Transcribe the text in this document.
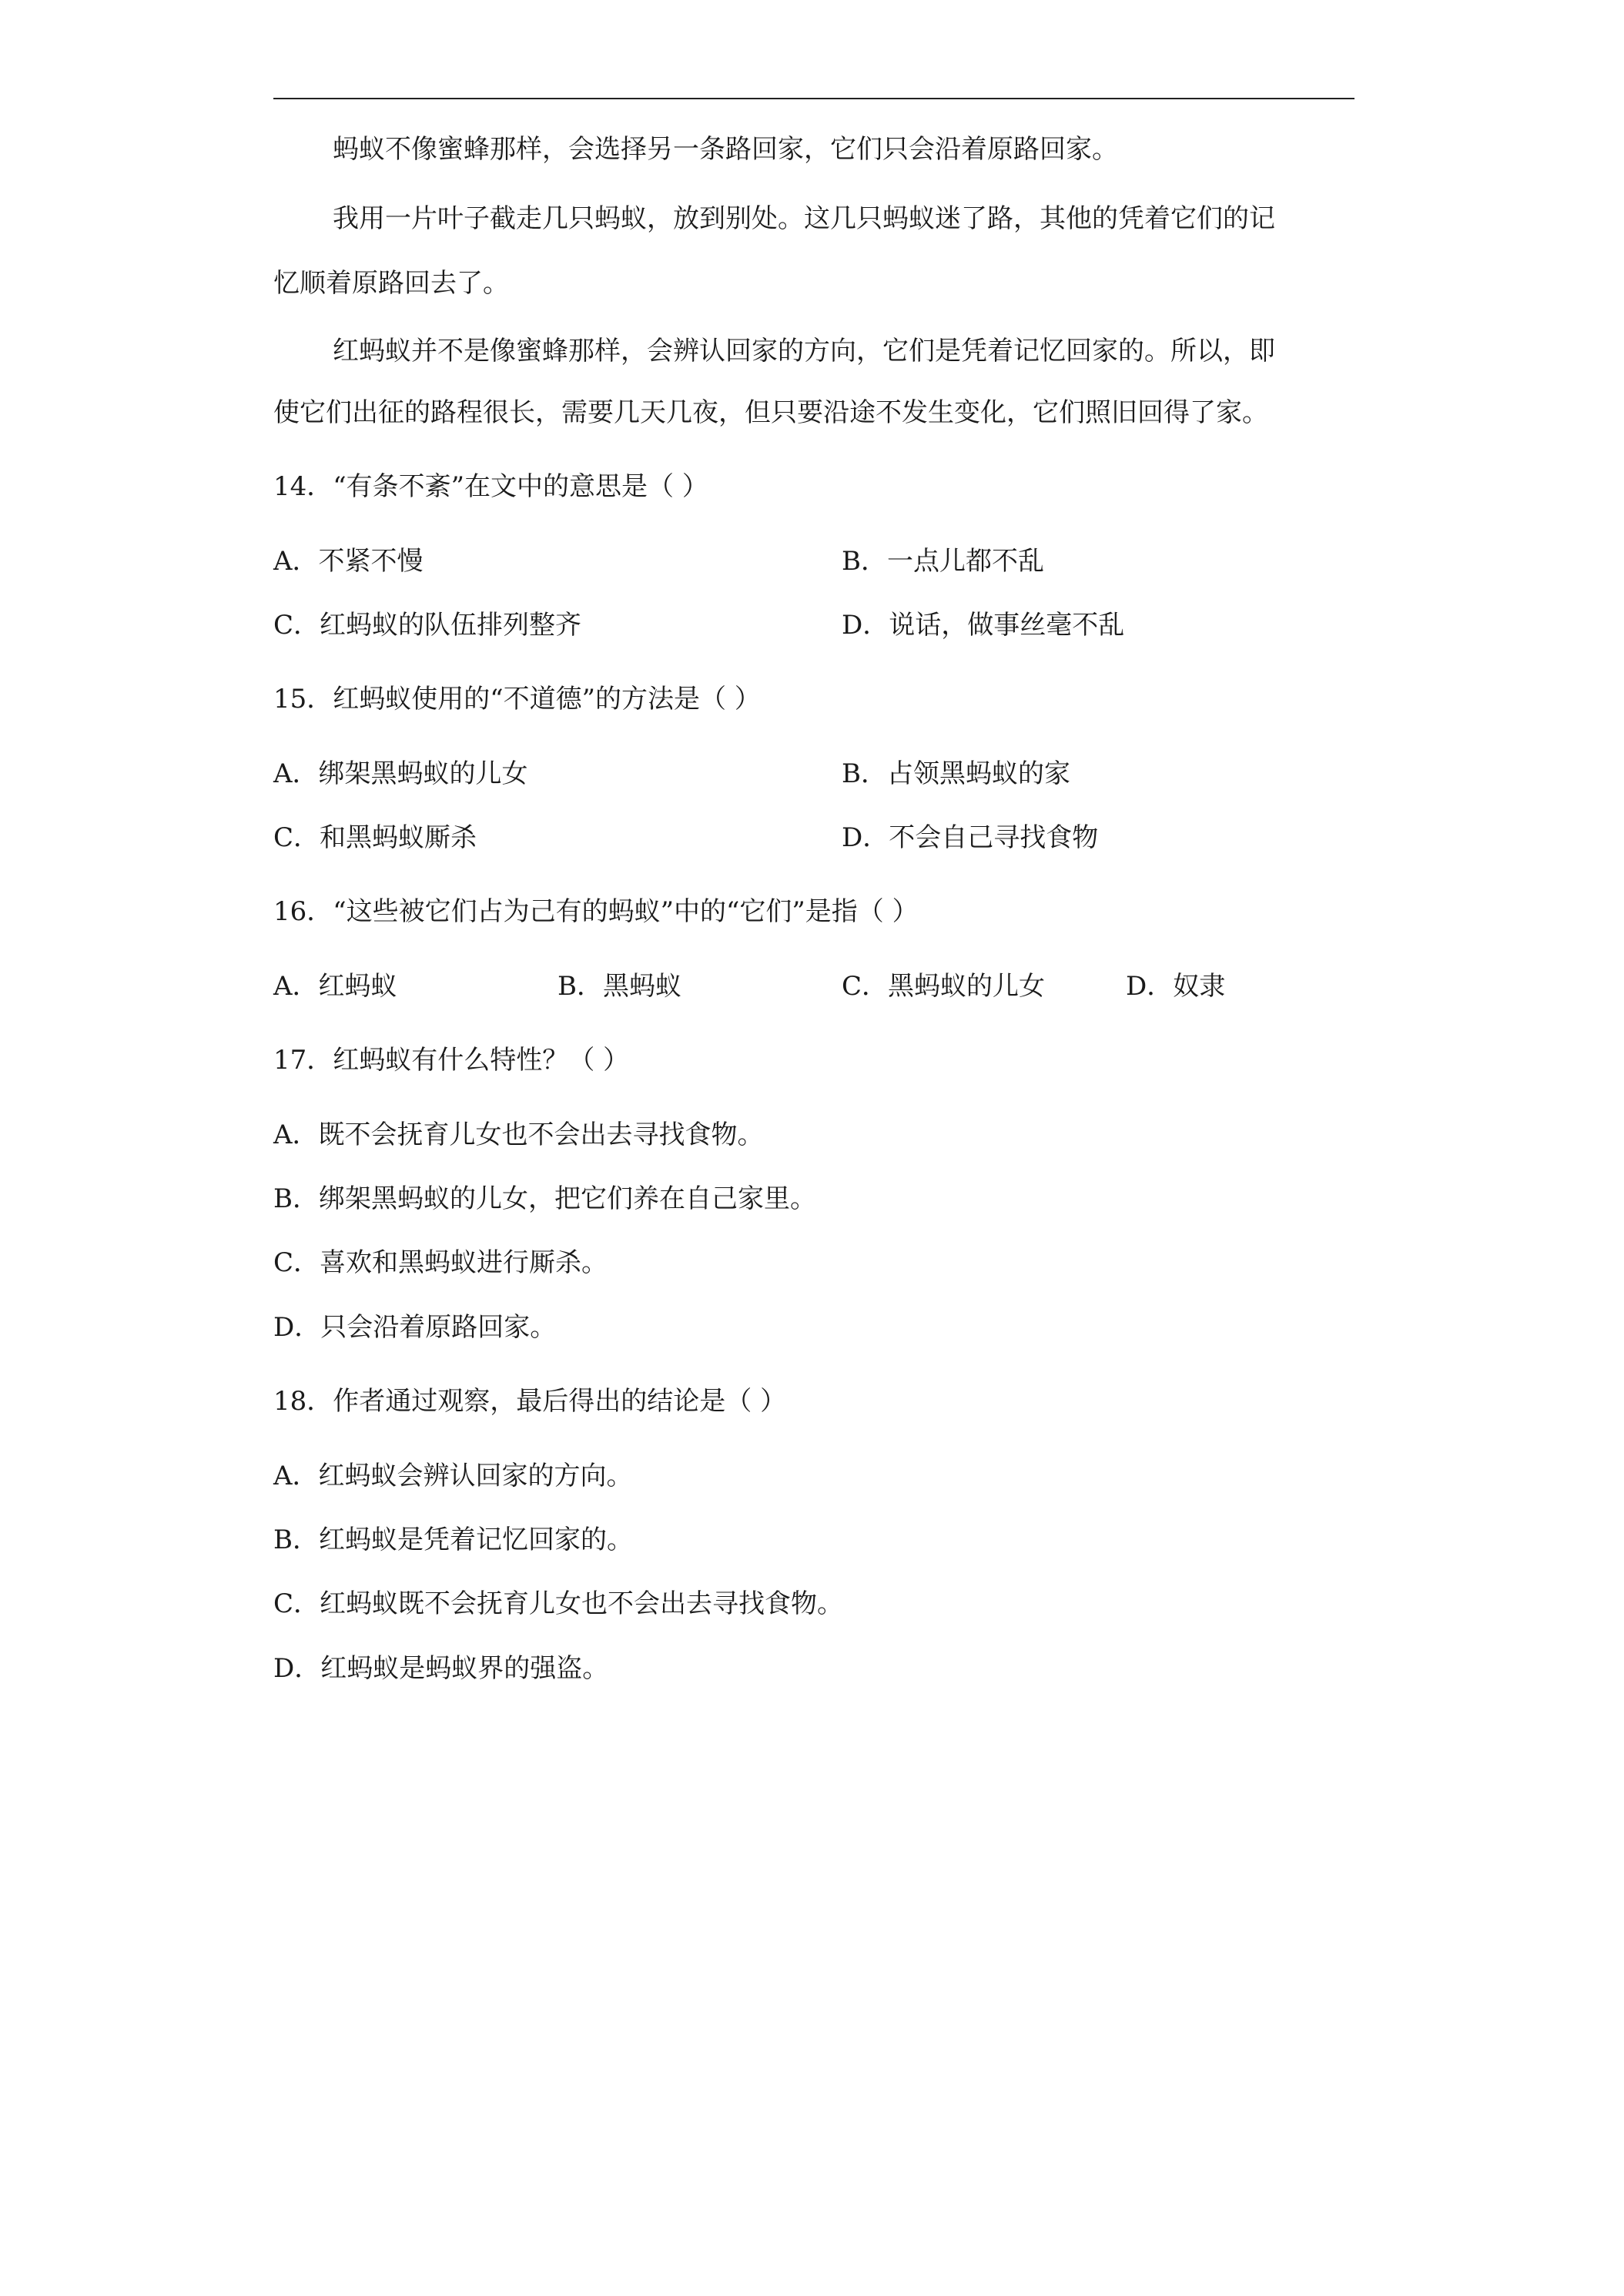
蚂蚁不像蜜蜂那样，会选择另一条路回家，它们只会沿着原路回家。
我用一片叶子截走几只蚂蚁，放到别处。这几只蚂蚁迷了路，其他的凭着它们的记
忆顺着原路回去了。
红蚂蚁并不是像蜜蜂那样，会辨认回家的方向，它们是凭着记忆回家的。所以，即
使它们出征的路程很长，需要几天几夜，但只要沿途不发生变化，它们照旧回得了家。
14．“有条不紊”在文中的意思是（ ）
A．不紧不慢	B．一点儿都不乱
C．红蚂蚁的队伍排列整齐	D．说话，做事丝毫不乱
15．红蚂蚁使用的“不道德”的方法是（ ）
A．绑架黑蚂蚁的儿女	B．占领黑蚂蚁的家
C．和黑蚂蚁厮杀	D．不会自己寻找食物
16．“这些被它们占为己有的蚂蚁”中的“它们”是指（ ）
A．红蚂蚁	B．黑蚂蚁	C．黑蚂蚁的儿女	D．奴隶
17．红蚂蚁有什么特性？（ ）
A．既不会抚育儿女也不会出去寻找食物。
B．绑架黑蚂蚁的儿女，把它们养在自己家里。
C．喜欢和黑蚂蚁进行厮杀。
D．只会沿着原路回家。
18．作者通过观察，最后得出的结论是（ ）
A．红蚂蚁会辨认回家的方向。
B．红蚂蚁是凭着记忆回家的。
C．红蚂蚁既不会抚育儿女也不会出去寻找食物。
D．红蚂蚁是蚂蚁界的强盗。
